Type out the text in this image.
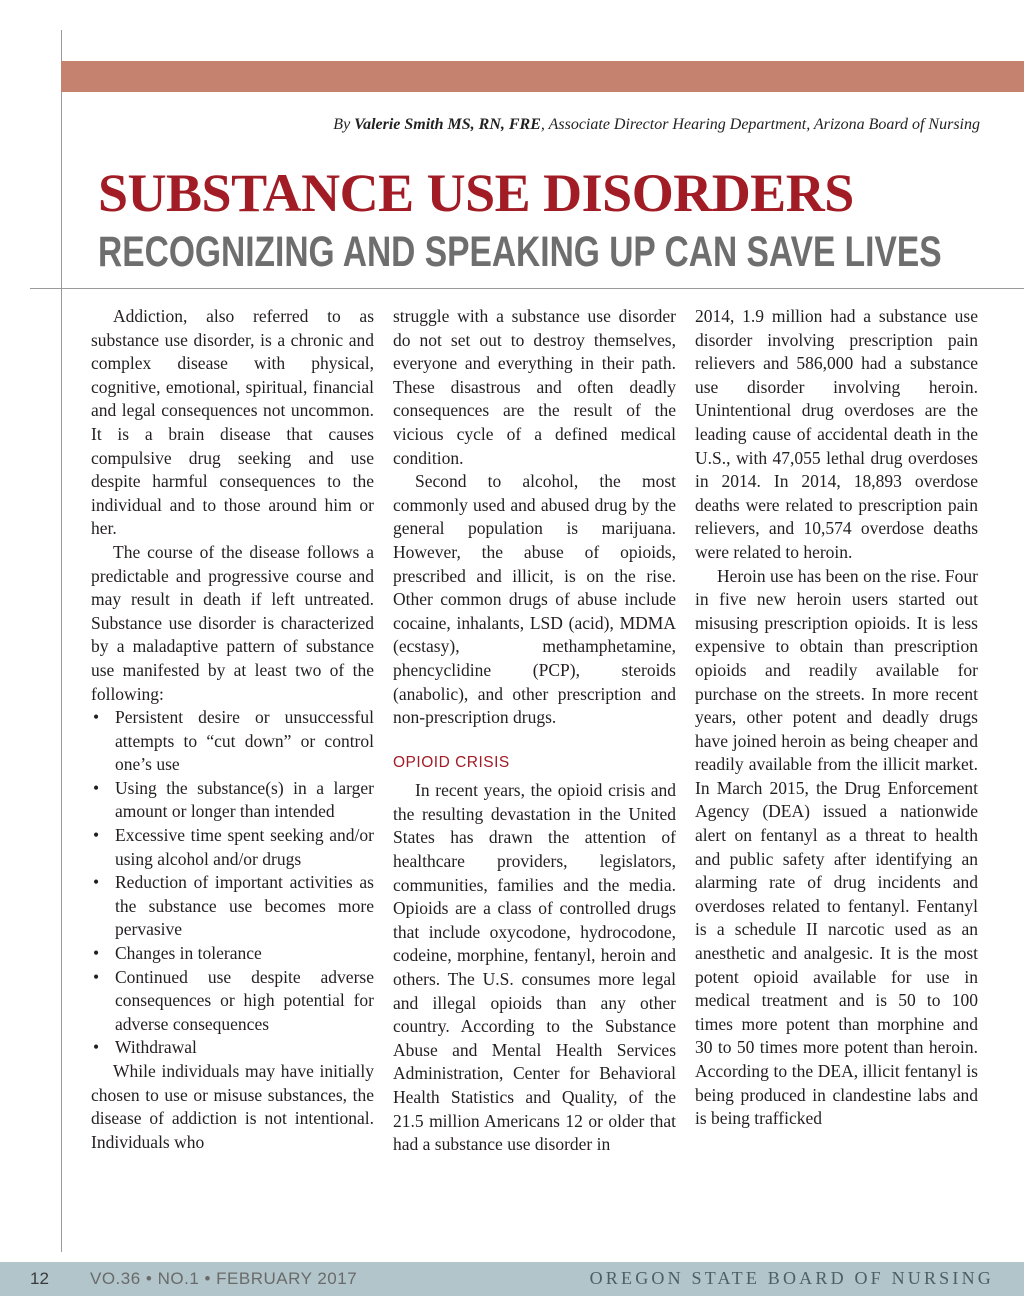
By Valerie Smith MS, RN, FRE, Associate Director Hearing Department, Arizona Board of Nursing
SUBSTANCE USE DISORDERS
RECOGNIZING AND SPEAKING UP CAN SAVE LIVES

Addiction, also referred to as substance use disorder, is a chronic and complex disease with physical, cognitive, emotional, spiritual, financial and legal consequences not uncommon. It is a brain disease that causes compulsive drug seeking and use despite harmful consequences to the individual and to those around him or her.

The course of the disease follows a predictable and progressive course and may result in death if left untreated. Substance use disorder is characterized by a maladaptive pattern of substance use manifested by at least two of the following:

• Persistent desire or unsuccessful attempts to “cut down” or control one’s use
• Using the substance(s) in a larger amount or longer than intended
• Excessive time spent seeking and/or using alcohol and/or drugs
• Reduction of important activities as the substance use becomes more pervasive
• Changes in tolerance
• Continued use despite adverse consequences or high potential for adverse consequences
• Withdrawal

While individuals may have initially chosen to use or misuse substances, the disease of addiction is not intentional. Individuals who

struggle with a substance use disorder do not set out to destroy themselves, everyone and everything in their path. These disastrous and often deadly consequences are the result of the vicious cycle of a defined medical condition.

Second to alcohol, the most commonly used and abused drug by the general population is marijuana. However, the abuse of opioids, prescribed and illicit, is on the rise. Other common drugs of abuse include cocaine, inhalants, LSD (acid), MDMA (ecstasy), methamphetamine, phencyclidine (PCP), steroids (anabolic), and other prescription and non-prescription drugs.

OPIOID CRISIS

In recent years, the opioid crisis and the resulting devastation in the United States has drawn the attention of healthcare providers, legislators, communities, families and the media. Opioids are a class of controlled drugs that include oxycodone, hydrocodone, codeine, morphine, fentanyl, heroin and others. The U.S. consumes more legal and illegal opioids than any other country. According to the Substance Abuse and Mental Health Services Administration, Center for Behavioral Health Statistics and Quality, of the 21.5 million Americans 12 or older that had a substance use disorder in

2014, 1.9 million had a substance use disorder involving prescription pain relievers and 586,000 had a substance use disorder involving heroin. Unintentional drug overdoses are the leading cause of accidental death in the U.S., with 47,055 lethal drug overdoses in 2014. In 2014, 18,893 overdose deaths were related to prescription pain relievers, and 10,574 overdose deaths were related to heroin.

Heroin use has been on the rise. Four in five new heroin users started out misusing prescription opioids. It is less expensive to obtain than prescription opioids and readily available for purchase on the streets. In more recent years, other potent and deadly drugs have joined heroin as being cheaper and readily available from the illicit market. In March 2015, the Drug Enforcement Agency (DEA) issued a nationwide alert on fentanyl as a threat to health and public safety after identifying an alarming rate of drug incidents and overdoses related to fentanyl. Fentanyl is a schedule II narcotic used as an anesthetic and analgesic. It is the most potent opioid available for use in medical treatment and is 50 to 100 times more potent than morphine and 30 to 50 times more potent than heroin. According to the DEA, illicit fentanyl is being produced in clandestine labs and is being trafficked

12 VO.36 • NO.1 • FEBRUARY 2017	OREGON STATE BOARD OF NURSING
